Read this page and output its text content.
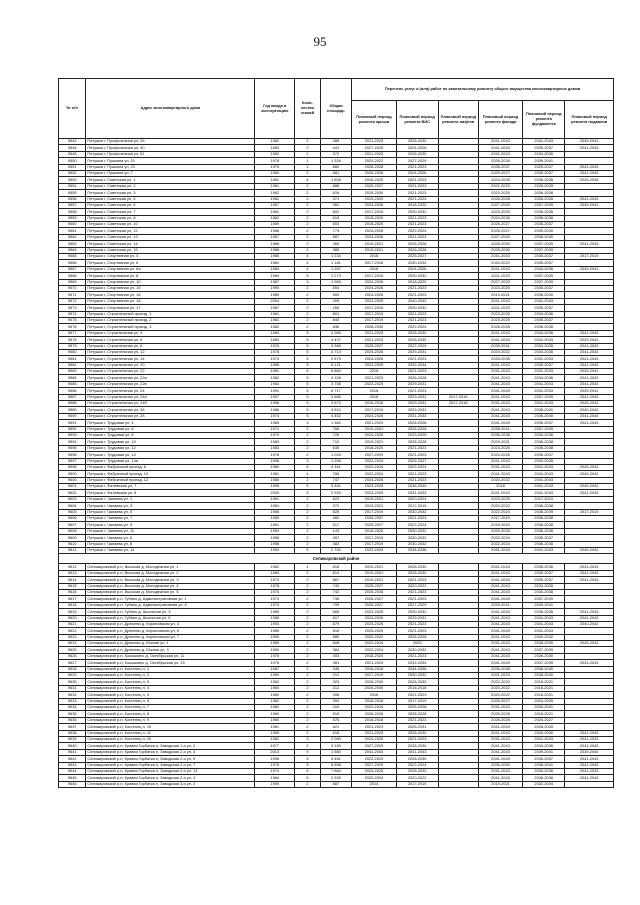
95
№ п/п	Адрес многоквартирного дома	Год ввода в эксплуатацию	Коли-чество этажей	Общая площадь	Перечень услуг и (или) работ по капитальному ремонту общего имущества многоквартирных домов					
					Плановый период ремонта крыши	Плановый период ремонта ВИС	Плановый период ремонта лифтов	Плановый период ремонта фасада	Плановый период ремонта фундамента	Плановый период ремонта подвалов
9542	Петушки г, Профсоюзная ул, 26	1982	2	386	2021-2023	2026-2030		2041-2043	2041-2043	2039-2041
9546	Петушки г, Профсоюзная ул, 40	1983	2	441	2027-2029	2024-2026		2041-2043	2035-2037	2041-2043
9548	Петушки г, Профсоюзная ул, 51	1983	2	372	2021-2023	2026-2030		2041-2043	2034-2036	
9550	Петушки г, Пушкина ул, 21	1978	1	1 326	2020-2022	2027-2029		2026-2028	2039-2041	
9551	Петушки г, Пушкина ул, 23	1975	2	880	2026-2028	2021-2023		2035-2037	2025-2027	2041-2043
9552	Петушки г, Пушкина ул, 7	1960	2	681	2026-2028	2024-2026		2025-2027	2035-2037	2041-2043
9553	Петушки г, Советская ул, 1	1962	4	1 608	2016-2020	2021-2023		2024-2026	2036-2038	2026-2028
9554	Петушки г, Советская ул, 2	1961	2	686	2025-2027	2021-2023		2021-2023	2026-2028	
9555	Петушки г, Советская ул, 3	1962	2	616	2028-2030	2021-2023		2023-2025	2036-2038	
9556	Петушки г, Советская ул, 4	1962	2	371	2019-2020	2021-2023		2026-2028	2026-2028	2041-2043
9557	Петушки г, Советская ул, 6	1967	2	362	2024-2026	2018-2020		2027-2029	2037-2039	2039-2041
9558	Петушки г, Советская ул, 7	1961	2	602	2017-2019	2030-2032		2023-2025	2036-2038	
9559	Петушки г, Советская ул, 8	1962	2	616	2018-2020	2021-2023		2024-2026	2036-2038	
9560	Петушки г, Советская ул, 10	1969	2	653	2018-2020	2021-2023		2025-2027	2035-2037	
9561	Петушки г, Советская ул, 12	1968	2	773	2024-2026	2022-2024		2025-2027	2039-2040	
9562	Петушки г, Советская ул, 13	1967	2	587	2024-2026	2021-2023		2027-2029	2038-2040	
9563	Петушки г, Советская ул, 14	1968	2	369	2019-2021	2026-2028		2028-2030	2037-2039	2041-2043
9564	Петушки г, Советская ул, 15	1968	2	385	2019-2021	2026-2028		2028-2030	2037-2039	
9565	Петушки г, Спортивная ул, 4	1985	4	1 234	2016	2025-2027		2041-2043	2035-2037	2017-2019
9566	Петушки г, Спортивная ул, 6	1981	4	1 181	2017-2018	2030-2032		2020-2022	2035-2037	
9567	Петушки г, Спортивная ул, 6а	1984	4	1 287	2016	2024-2026		2041-2043	2034-2036	2039-2041
9568	Петушки г, Спортивная ул, 8	1984	5	1 273	2017-2019	2030-2032		2021-2023	2037-2039	
9569	Петушки г, Спортивная ул, 10	1987	3	1 065	2024-2026	2018-2020		2027-2029	2037-2039	
9570	Петушки г, Спортивная ул, 15	1990	2	554	2024-2026	2021-2023		2023-2025	2035-2037	
9571	Петушки г, Спортивная ул, 16	1989	2	559	2024-2026	2021-2023		2019-2021	2036-2040	
9572	Петушки г, Спортивная ул, 18	2004	2	409	2023-2025	2040-2042		2041-2043	2041-2043	
9573	Петушки г, Спортивная ул, 17	1987	2	260	2017-2019	2030-2032		2021-2023	2035-2037	
9574	Петушки г, Строительный проезд, 1	1981	2	801	2017-2019	2021-2023		2023-2025	2034-2036	
9575	Петушки г, Строительный проезд, 2	1981	2	840	2017-2019	2021-2023		2023-2025	2035-2037	
9576	Петушки г, Строительный проезд, 3	1982	2	836	2028-2030	2022-2024		2026-2028	2036-2038	
9577	Петушки г, Строительная ул, 4	1983	5	4 066	2021-2023	2028-2030		2041-2043	2034-2036	2041-2043
9578	Петушки г, Строительная ул, 6	1983	5	4 437	2021-2023	2026-2030		2041-2043	2041-2043	2039-2041
9579	Петушки г, Строительная ул, 8	1976	5	3 366	2025-2027	2027-2029		2039-2041	2033-2035	2041-2043
9580	Петушки г, Строительная ул, 12	1978	5	4 714	2024-2026	2029-2031		2020-2022	2034-2036	2041-2043
9581	Петушки г, Строительная ул, 14	1973	5	2 679	2024-2026	2021-2023		2033-2035	2031-2033	2041-2043
9582	Петушки г, Строительная ул, 20	1986	5	5 121	2023-2025	2032-2034		2041-2043	2035-2037	2041-2043
9583	Петушки г, Строительная ул, 22	1981	5	6 684	2016	2021-2023		2041-2043	2031-2033	2039-2041
9584	Петушки г, Строительная ул, 22а	1982	5	4 108	2021-2023	2026-2028		2041-2043	2034-2036	2041-2043
9585	Петушки г, Строительная ул, 22в	1984	5	3 758	2023-2025	2029-2031		2041-2043	2041-2043	2041-2043
9586	Петушки г, Строительная ул, 24	1991	5	6 717	2016	2021-2023		2041-2043	2031-2033	2039-2041
9587	Петушки г, Строительная ул, 24а	1997	9	3 686	2016	2029-2031	2017-2018	2041-2043	2037-2039	2041-2043
9588	Петушки г, Строительная ул, 24б	1996	9	3 673	2016-2018	2029-2031	2017-2018	2041-2043	2041-2043	2040-2042
9589	Петушки г, Строительная ул, 26	1986	5	4 512	2017-2019	2029-2031		2041-2043	2038-2041	2040-2042
9590	Петушки г, Строительная ул, 28	1974	5	4 452	2024-2026	2031-2033		2041-2043	2036-2040	2041-2043
9591	Петушки г, Трудовая ул, 4	1965	3	1 362	2021-2023	2026-2028		2041-2043	2035-2037	2041-2043
9592	Петушки г, Трудовая ул, 6	1971	2	766	2019-2021	2026-2028		2038-2041	2037-2039	
9593	Петушки г, Трудовая ул, 8	1979	2	726	2024-2026	2023-2025		2036-2038	2034-2036	
9594	Петушки г, Трудовая ул, 10	1983	2	712	2019-2021	2026-2028		2029-2031	2036-2038	
9595	Петушки г, Трудовая ул, 12	1983	2	635	2018-2020	2021-2023		2023-2025	2036-2038	
9596	Петушки г, Трудовая ул, 14	1978	2	1 043	2027-2029	2021-2023		2024-2026	2035-2037	
9597	Петушки г, Трудовая ул, 14а	1996	3	1 258	2022-2024	2025-2027		2041-2043	2033-2035	
9598	Петушки г, Фабричный проезд, 6	1980	5	4 341	2022-2024	2022-2024		2041-2043	2041-2043	2040-2042
9599	Петушки г, Фабричный проезд, 10	1981	4	789	2022-2024	2021-2023		2041-2043	2041-2043	2040-2042
9600	Петушки г, Фабричный проезд, 12	1985	2	747	2024-2026	2021-2023		2020-2022	2041-2043	
9601	Петушки г, Фалевская ул, 7	1996	5	3 461	2023-2025	2036-2040		2018	2041-2043	2040-2042
9602	Петушки г, Фалевская ул, 8	2000	5	2 929	2023-2025	2031-2033		2041-2043	2041-2043	2041-2043
9603	Петушки г, Чапаева ул, 1	1961	2	622	2019-2021	2020-2024		2023-2025	2017-2019	
9604	Петушки г, Чапаева ул, 3	1961	2	372	2019-2021	2017-2019		2020-2022	2036-2038	
9605	Петушки г, Чапаева ул, 5	1966	2	825	2017-2019	2030-2032		2022-2024	2036-2039	2017-2019
9606	Петушки г, Чапаева ул, 7	1955	2	482	2035-2037	2021-2023		2017-2019	2036-2038	
9607	Петушки г, Чапаева ул, 9	1961	2	517	2025-2027	2022-2024		2018-2020	2036-2038	
9608	Петушки г, Чапаева ул, 11	1954	2	143	2018-2020	2030-2032		2026-2028	2036-2038	
9609	Петушки г, Чапаева ул, 6	1958	2	457	2017-2019	2030-2032		2022-2024	2035-2037	
9610	Петушки г, Чапаева ул, 8	1958	2	483	2017-2019	2030-2032		2022-2024	2036-2038	
9611	Петушки г, Чапаева ул, 14	1994	5	2 752	2022-2024	2034-2036		2041-2043	2041-2043	2040-2042
Селижаровский район										
9612	Селижаровский р-н, Высокая д, Молодежная ул, 1	1962	1	816	2019-2021	2028-2030		2041-2043	2035-2036	2041-2043
9613	Селижаровский р-н, Высокая д, Молодежная ул, 2	1983	2	814	2019-2021	2028-2030		2041-2043	2035-2037	2041-2043
9614	Селижаровский р-н, Высокая д, Молодежная ул, 3	1973	2	867	2019-2021	2021-2023		2041-2043	2035-2037	2041-2043
9615	Селижаровский р-н, Высокая д, Молодежная ул, 4	1978	2	740	2025-2027	2020-2022		2041-2043	2033-2035	
9616	Селижаровский р-н, Высокая д, Молодежная ул, 5	1970	2	742	2026-2028	2021-2023		2041-2043	2030-2038	
9617	Селижаровский р-н, Губино д, Административная ул, 1	1973	2	735	2026-2027	2021-2023		2041-2043	2037-2039	
9618	Селижаровский р-н, Губино д, Административная ул, 4	1973	2	799	2026-2027	2027-2029		2039-2041	2039-2041	
9619	Селижаровский р-н, Губино д, Школьная ул, 3	1985	2	565	2023-2025	2030-2032		2041-2043	2036-2038	2041-2043
9620	Селижаровский р-н, Губино д, Школьная ул, 5	1986	2	617	2024-2026	2029-2031		2041-2043	2041-2043	2041-2043
9621	Селижаровский р-н, Дрючево д, Кириловская ул, 4	1993	2	679	2023-2025	2021-2023		2041-2043	2041-2043	2040-2042
9622	Селижаровский р-н, Дрючево д, Кириловская ул, 6	1989	2	616	2025-2025	2021-2023		2041-2043	2041-2043	
9623	Селижаровский р-н, Дрючево д, Кириловская ул, 7	1990	2	580	2020-2022	2026-2028		2041-2043	2040-2042	
9624	Селижаровский р-н, Дрючево д, Южная ул, 1	1969	2	608	2022-2024	2025		2041-2043	2038-2039	2040-2042
9625	Селижаровский р-н, Дрючево д, Южная ул, 3	1990	2	384	2022-2024	2030-2032		2041-2043	2037-2039	
9626	Селижаровский р-н, Кокошкино д, Октябрьская ул, 11	1976	2	403	2018-2020	2021-2023		2041-2043	2026-2030	
9627	Селижаровский р-н, Кокошкино д, Октябрьская ул, 15	1975	2	381	2021-2023	2032-2034		2041-2043	2037-2039	2041-2043
9628	Селижаровский р-н, Костенец п, 1	1987	2	345	2016-2018	2034-2036		2036-2038	2038-2040	
9629	Селижаровский р-н, Костенец п, 2	1990	2	212	2017-2019	2030-2032		2021-2023	2038-2040	
9630	Селижаровский р-н, Костенец п, 3	1962	2	323	2026-2030	2028-2030		2022-2024	2016-2021	
9631	Селижаровский р-н, Костенец п, 4	1960	2	312	2026-2030	2016-2018		2020-2022	2016-2021	
9632	Селижаровский р-н, Костенец п, 5	1960	2	396	2016	2021-2023		2020-2022	2016-2021	
9633	Селижаровский р-н, Костенец п, 6	1962	2	394	2018-2018	2017-2019		2026-2027	2024-2026	
9634	Селижаровский р-н, Костенец п, 7	1962	2	410	2022-2024	2026-2028		2041-2043	2034-2041	
9635	Селижаровский р-н, Костенец п, 8	1960	2	515	2026-2028	2026-2028		2026-2028	2016-2021	
9636	Селижаровский р-н, Костенец п, 9	1960	2	576	2016-2018	2021-2023		2026-2028	2024-2027	
9637	Селижаровский р-н, Костенец п, 10	1961	2	621	2021-2023	2026-2031		2041-2043	2026-2028	
9638	Селижаровский р-н, Костенец п, 11	1965	2	618	2021-2023	2026-2030		2041-2043	2026-2030	2041-2043
9639	Селижаровский р-н, Костенец п, 20	1982	3	2 080	2024-2026	2021-2023		2041-2043	2041-2043	2041-2043
9640	Селижаровский р-н, Кривая Горбатка п, Заводская 1-я ул, 2	1977	2	3 159	2027-2029	2028-2030		2041-2043	2034-2036	2041-2043
9641	Селижаровский р-н, Кривая Горбатка п, Заводская 2-я ул, 4	2013	9	1 680	2041-2043	2041-2043		2041-2043	2039-2041	2039-2040
9642	Селижаровский р-н, Кривая Горбатка п, Заводская 2-я ул, 5	1996	5	3 461	2022-2024	2028-2030		2041-2043	2035-2037	2041-2043
9643	Селижаровский р-н, Кривая Горбатка п, Заводская 2-я ул, 7	1976	5	6 658	2027-2029	2022-2024		2036-2040	2036-2041	2041-2043
9644	Селижаровский р-н, Кривая Горбатка п, Заводская 2-я ул, 13	1974	5	7 884	2023-2025	2028-2030		2041-2043	2034-2036	2041-2043
9645	Селижаровский р-н, Кривая Горбатка п, Заводская 2-я ул, 4	1984	5	2 939	2020-2024	2020-2022		2041-2043	2036-2038	2041-2043
9646	Селижаровский р-н, Кривая Горбатка п, Заводская 3-я ул, 2	1959	2	587	2014	2017-2019		2019-2021	2032-2034	
